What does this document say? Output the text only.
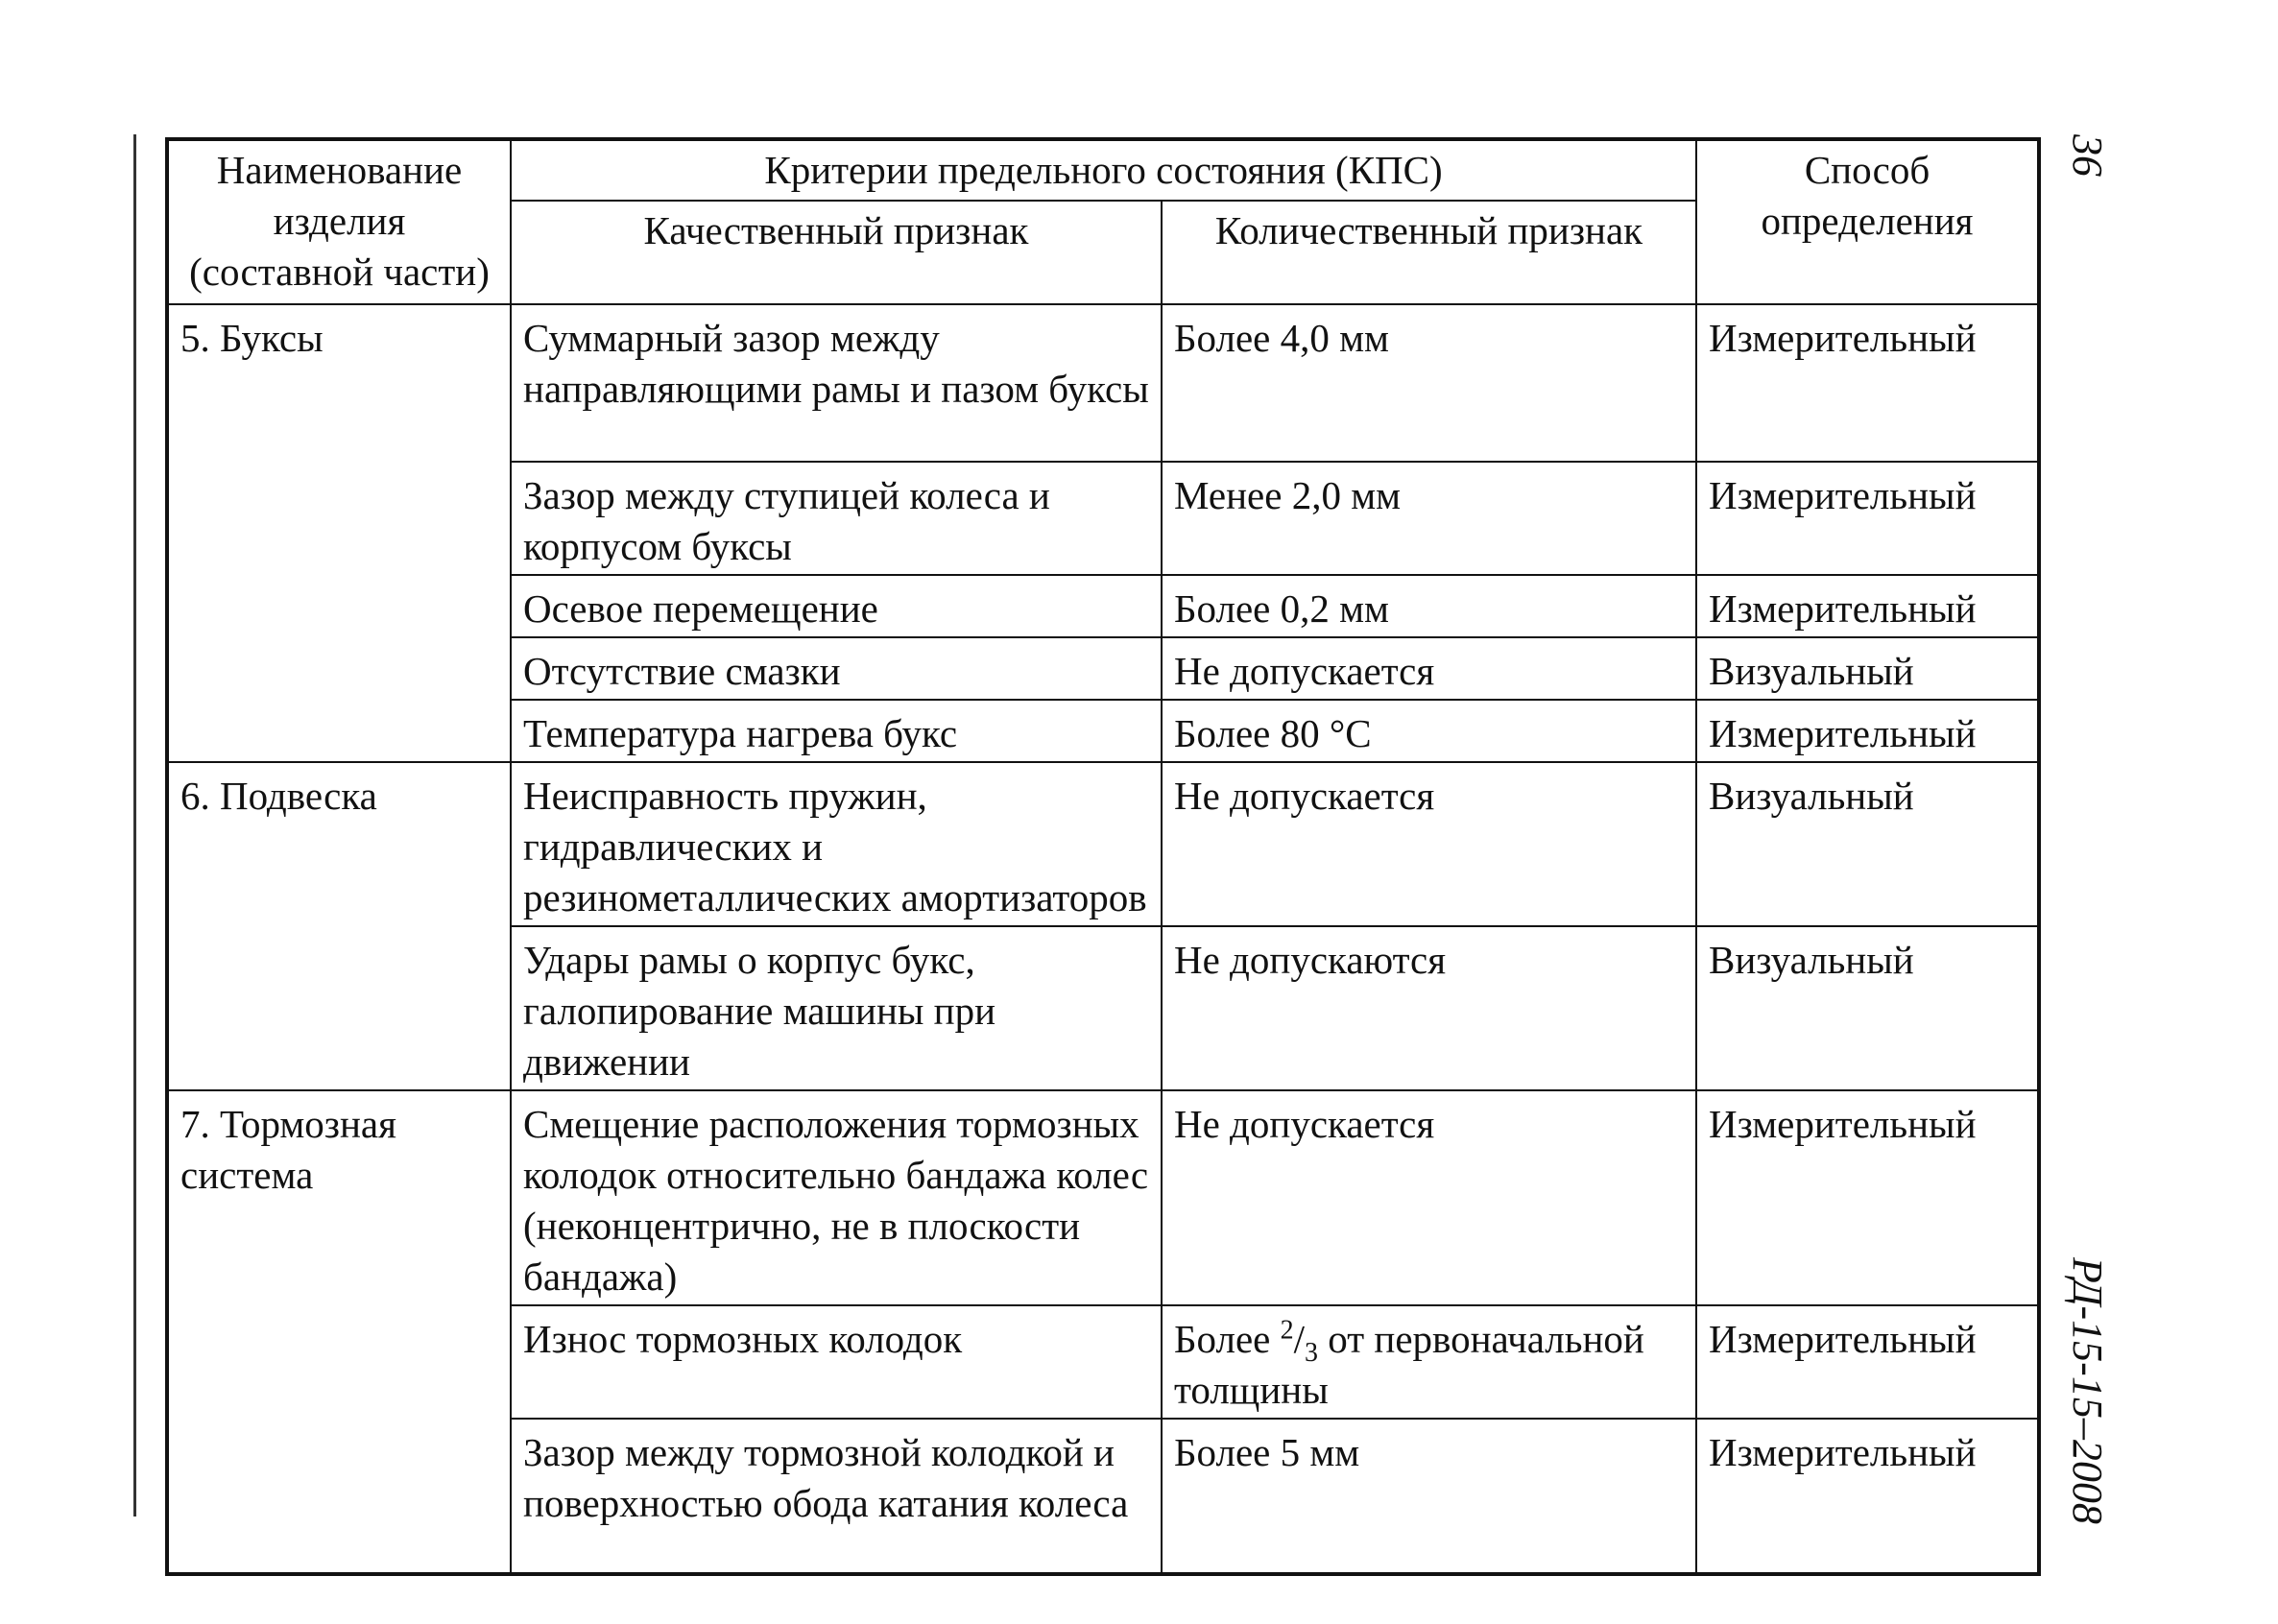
Наименование изделия (составной части)	Критерии предельного состояния (КПС)		Способ определения
	Качественный признак	Количественный признак	
5. Буксы	Суммарный зазор между направляющими рамы и пазом буксы	Более 4,0 мм	Измерительный
	Зазор между ступицей колеса и корпусом буксы	Менее 2,0 мм	Измерительный
	Осевое перемещение	Более 0,2 мм	Измерительный
	Отсутствие смазки	Не допускается	Визуальный
	Температура нагрева букс	Более 80 °С	Измерительный
6. Подвеска	Неисправность пружин, гидравлических и резинометаллических амортизаторов	Не допускается	Визуальный
	Удары рамы о корпус букс, галопирование машины при движении	Не допускаются	Визуальный
7. Тормозная система	Смещение расположения тормозных колодок относительно бандажа колес (неконцентрично, не в плоскости бандажа)	Не допускается	Измерительный
	Износ тормозных колодок	Более $^2/_3$ от первоначальной толщины	Измерительный
	Зазор между тормозной колодкой и поверхностью обода катания колеса	Более 5 мм	Измерительный
36
РД-15-15–2008
